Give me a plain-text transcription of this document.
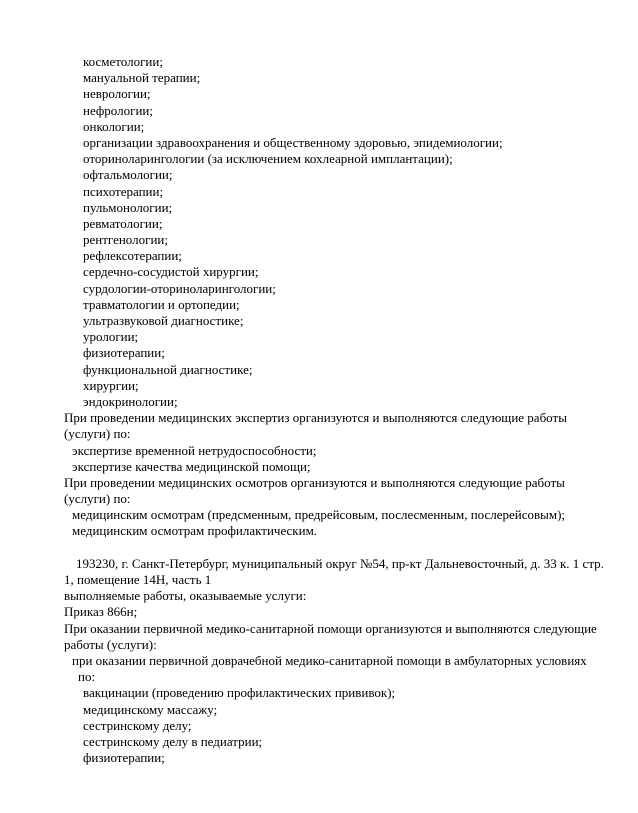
косметологии;
мануальной терапии;
неврологии;
нефрологии;
онкологии;
организации здравоохранения и общественному здоровью, эпидемиологии;
оториноларингологии (за исключением кохлеарной имплантации);
офтальмологии;
психотерапии;
пульмонологии;
ревматологии;
рентгенологии;
рефлексотерапии;
сердечно-сосудистой хирургии;
сурдологии-оториноларингологии;
травматологии и ортопедии;
ультразвуковой диагностике;
урологии;
физиотерапии;
функциональной диагностике;
хирургии;
эндокринологии;
При проведении медицинских экспертиз организуются и выполняются следующие работы
(услуги) по:
экспертизе временной нетрудоспособности;
экспертизе качества медицинской помощи;
При проведении медицинских осмотров организуются и выполняются следующие работы
(услуги) по:
медицинским осмотрам (предсменным, предрейсовым, послесменным, послерейсовым);
медицинским осмотрам профилактическим.

193230, г. Санкт-Петербург, муниципальный округ №54, пр-кт Дальневосточный, д. 33 к. 1 стр.
1, помещение 14Н, часть 1
выполняемые работы, оказываемые услуги:
Приказ 866н;
При оказании первичной медико-санитарной помощи организуются и выполняются следующие
работы (услуги):
при оказании первичной доврачебной медико-санитарной помощи в амбулаторных условиях
по:
вакцинации (проведению профилактических прививок);
медицинскому массажу;
сестринскому делу;
сестринскому делу в педиатрии;
физиотерапии;
